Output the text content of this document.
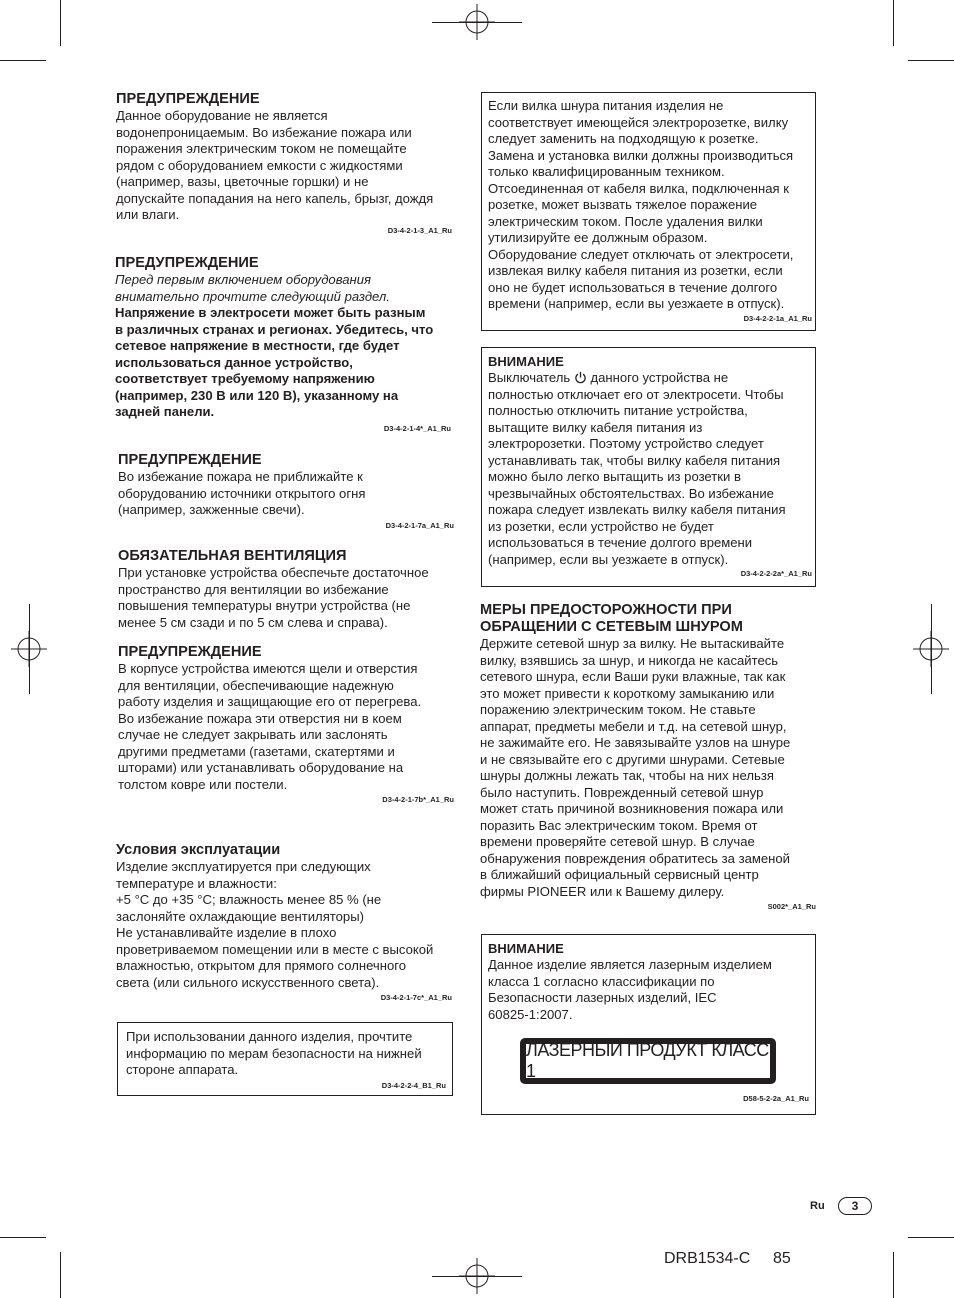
ПРЕДУПРЕЖДЕНИЕ

Данное оборудование не является
водонепроницаемым. Во избежание пожара или
поражения электрическим током не помещайте
рядом с оборудованием емкости с жидкостями
(например, вазы, цветочные горшки) и не
допускайте попадания на него капель, брызг, дождя
или влаги.

D3-4-2-1-3_A1_Ru

ПРЕДУПРЕЖДЕНИЕ

Перед первым включением оборудования
внимательно прочтите следующий раздел.

Напряжение в электросети может быть разным
в различных странах и регионах. Убедитесь, что
сетевое напряжение в местности, где будет
использоваться данное устройство,
соответствует требуемому напряжению
(например, 230 В или 120 В), указанному на
задней панели.

D3-4-2-1-4*_A1_Ru

ПРЕДУПРЕЖДЕНИЕ

Во избежание пожара не приближайте к
оборудованию источники открытого огня
(например, зажженные свечи).

D3-4-2-1-7a_A1_Ru

ОБЯЗАТЕЛЬНАЯ ВЕНТИЛЯЦИЯ

При установке устройства обеспечьте достаточное
пространство для вентиляции во избежание
повышения температуры внутри устройства (не
менее 5 см сзади и по 5 см слева и справа).

ПРЕДУПРЕЖДЕНИЕ

В корпусе устройства имеются щели и отверстия
для вентиляции, обеспечивающие надежную
работу изделия и защищающие его от перегрева.
Во избежание пожара эти отверстия ни в коем
случае не следует закрывать или заслонять
другими предметами (газетами, скатертями и
шторами) или устанавливать оборудование на
толстом ковре или постели.

D3-4-2-1-7b*_A1_Ru

Условия эксплуатации

Изделие эксплуатируется при следующих
температуре и влажности:
+5 °C до +35 °C; влажность менее 85 % (не
заслоняйте охлаждающие вентиляторы)
Не устанавливайте изделие в плохо
проветриваемом помещении или в месте с высокой
влажностью, открытом для прямого солнечного
света (или сильного искусственного света).

D3-4-2-1-7c*_A1_Ru

При использовании данного изделия, прочтите
информацию по мерам безопасности на нижней
стороне аппарата.

D3-4-2-2-4_B1_Ru

Если вилка шнура питания изделия не
соответствует имеющейся электророзетке, вилку
следует заменить на подходящую к розетке.
Замена и установка вилки должны производиться
только квалифицированным техником.
Отсоединенная от кабеля вилка, подключенная к
розетке, может вызвать тяжелое поражение
электрическим током. После удаления вилки
утилизируйте ее должным образом.
Оборудование следует отключать от электросети,
извлекая вилку кабеля питания из розетки, если
оно не будет использоваться в течение долгого
времени (например, если вы уезжаете в отпуск).

D3-4-2-2-1a_A1_Ru

ВНИМАНИЕ

Выключатель  данного устройства не

полностью отключает его от электросети. Чтобы
полностью отключить питание устройства,
вытащите вилку кабеля питания из
электророзетки. Поэтому устройство следует
устанавливать так, чтобы вилку кабеля питания
можно было легко вытащить из розетки в
чрезвычайных обстоятельствах. Во избежание
пожара следует извлекать вилку кабеля питания
из розетки, если устройство не будет
использоваться в течение долгого времени
(например, если вы уезжаете в отпуск).

D3-4-2-2-2a*_A1_Ru

МЕРЫ ПРЕДОСТОРОЖНОСТИ ПРИ
ОБРАЩЕНИИ С СЕТЕВЫМ ШНУРОМ

Держите сетевой шнур за вилку. Не вытаскивайте
вилку, взявшись за шнур, и никогда не касайтесь
сетевого шнура, если Ваши руки влажные, так как
это может привести к короткому замыканию или
поражению электрическим током. Не ставьте
аппарат, предметы мебели и т.д. на сетевой шнур,
не зажимайте его. Не завязывайте узлов на шнуре
и не связывайте его с другими шнурами. Сетевые
шнуры должны лежать так, чтобы на них нельзя
было наступить. Поврежденный сетевой шнур
может стать причиной возникновения пожара или
поразить Вас электрическим током. Время от
времени проверяйте сетевой шнур. В случае
обнаружения повреждения обратитесь за заменой
в ближайший официальный сервисный центр
фирмы PIONEER или к Вашему дилеру.

S002*_A1_Ru

ВНИМАНИЕ

Данное изделие является лазерным изделием
класса 1 согласно классификации по
Безопасности лазерных изделий, IEC
60825-1:2007.

ЛАЗЕРНЫЙ ПРОДУКТ КЛАСС 1

D58-5-2-2a_A1_Ru

Ru	3
DRB1534-C 85
